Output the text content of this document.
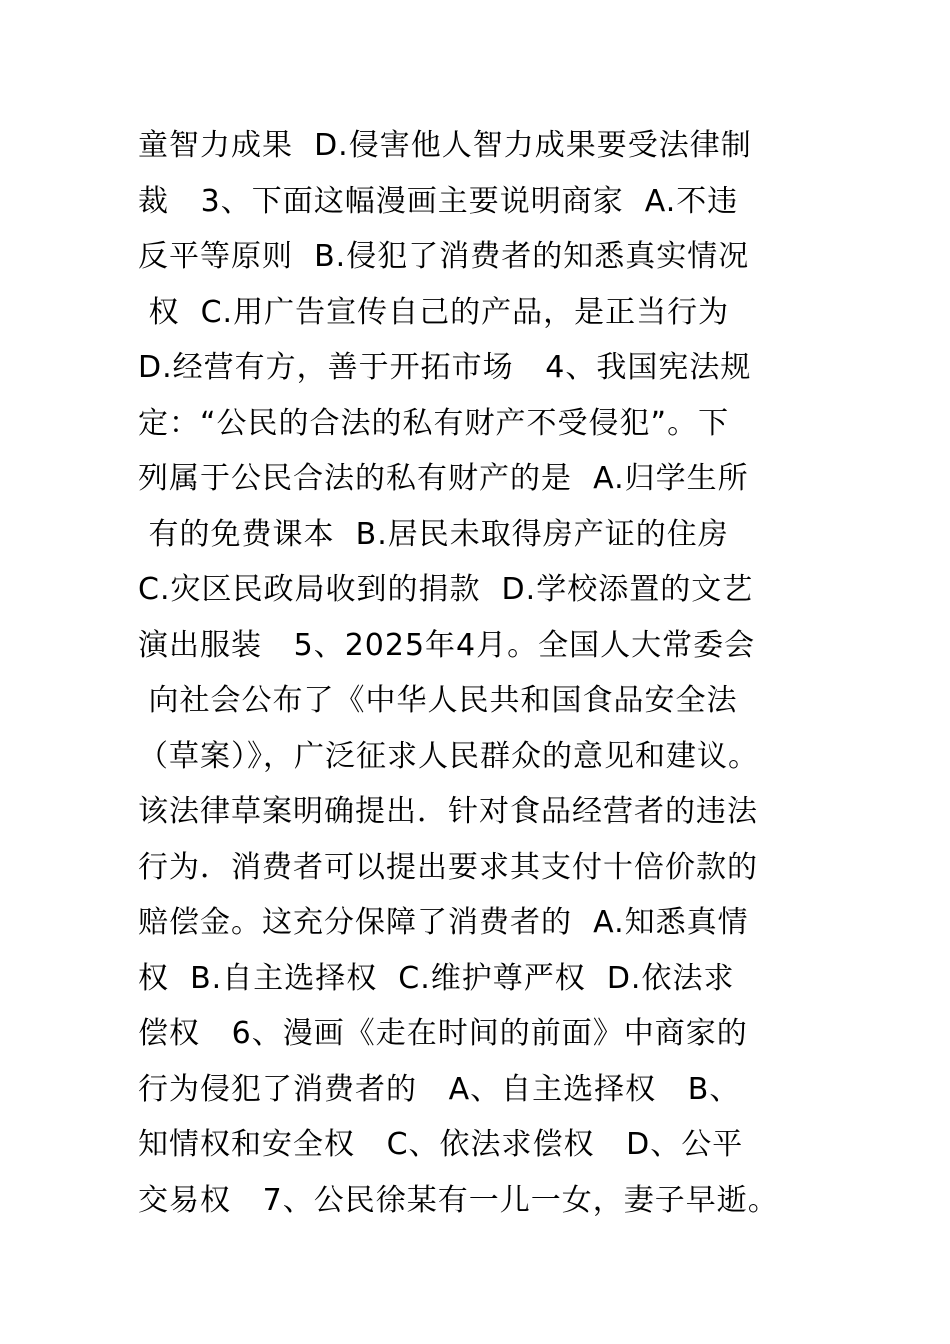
童智力成果  D.侵害他人智力成果要受法律制
裁   3、下面这幅漫画主要说明商家  A.不违
反平等原则  B.侵犯了消费者的知悉真实情况
权  C.用广告宣传自己的产品，是正当行为
D.经营有方，善于开拓市场   4、我国宪法规
定：“公民的合法的私有财产不受侵犯”。下
列属于公民合法的私有财产的是  A.归学生所
有的免费课本  B.居民未取得房产证的住房
C.灾区民政局收到的捐款  D.学校添置的文艺
演出服装   5、2025年4月。全国人大常委会
向社会公布了《中华人民共和国食品安全法
（草案）》，广泛征求人民群众的意见和建议。
该法律草案明确提出．针对食品经营者的违法
行为．消费者可以提出要求其支付十倍价款的
赔偿金。这充分保障了消费者的  A.知悉真情
权  B.自主选择权  C.维护尊严权  D.依法求
偿权   6、漫画《走在时间的前面》中商家的
行为侵犯了消费者的   A、自主选择权   B、
知情权和安全权   C、依法求偿权   D、公平
交易权   7、公民徐某有一儿一女，妻子早逝。
